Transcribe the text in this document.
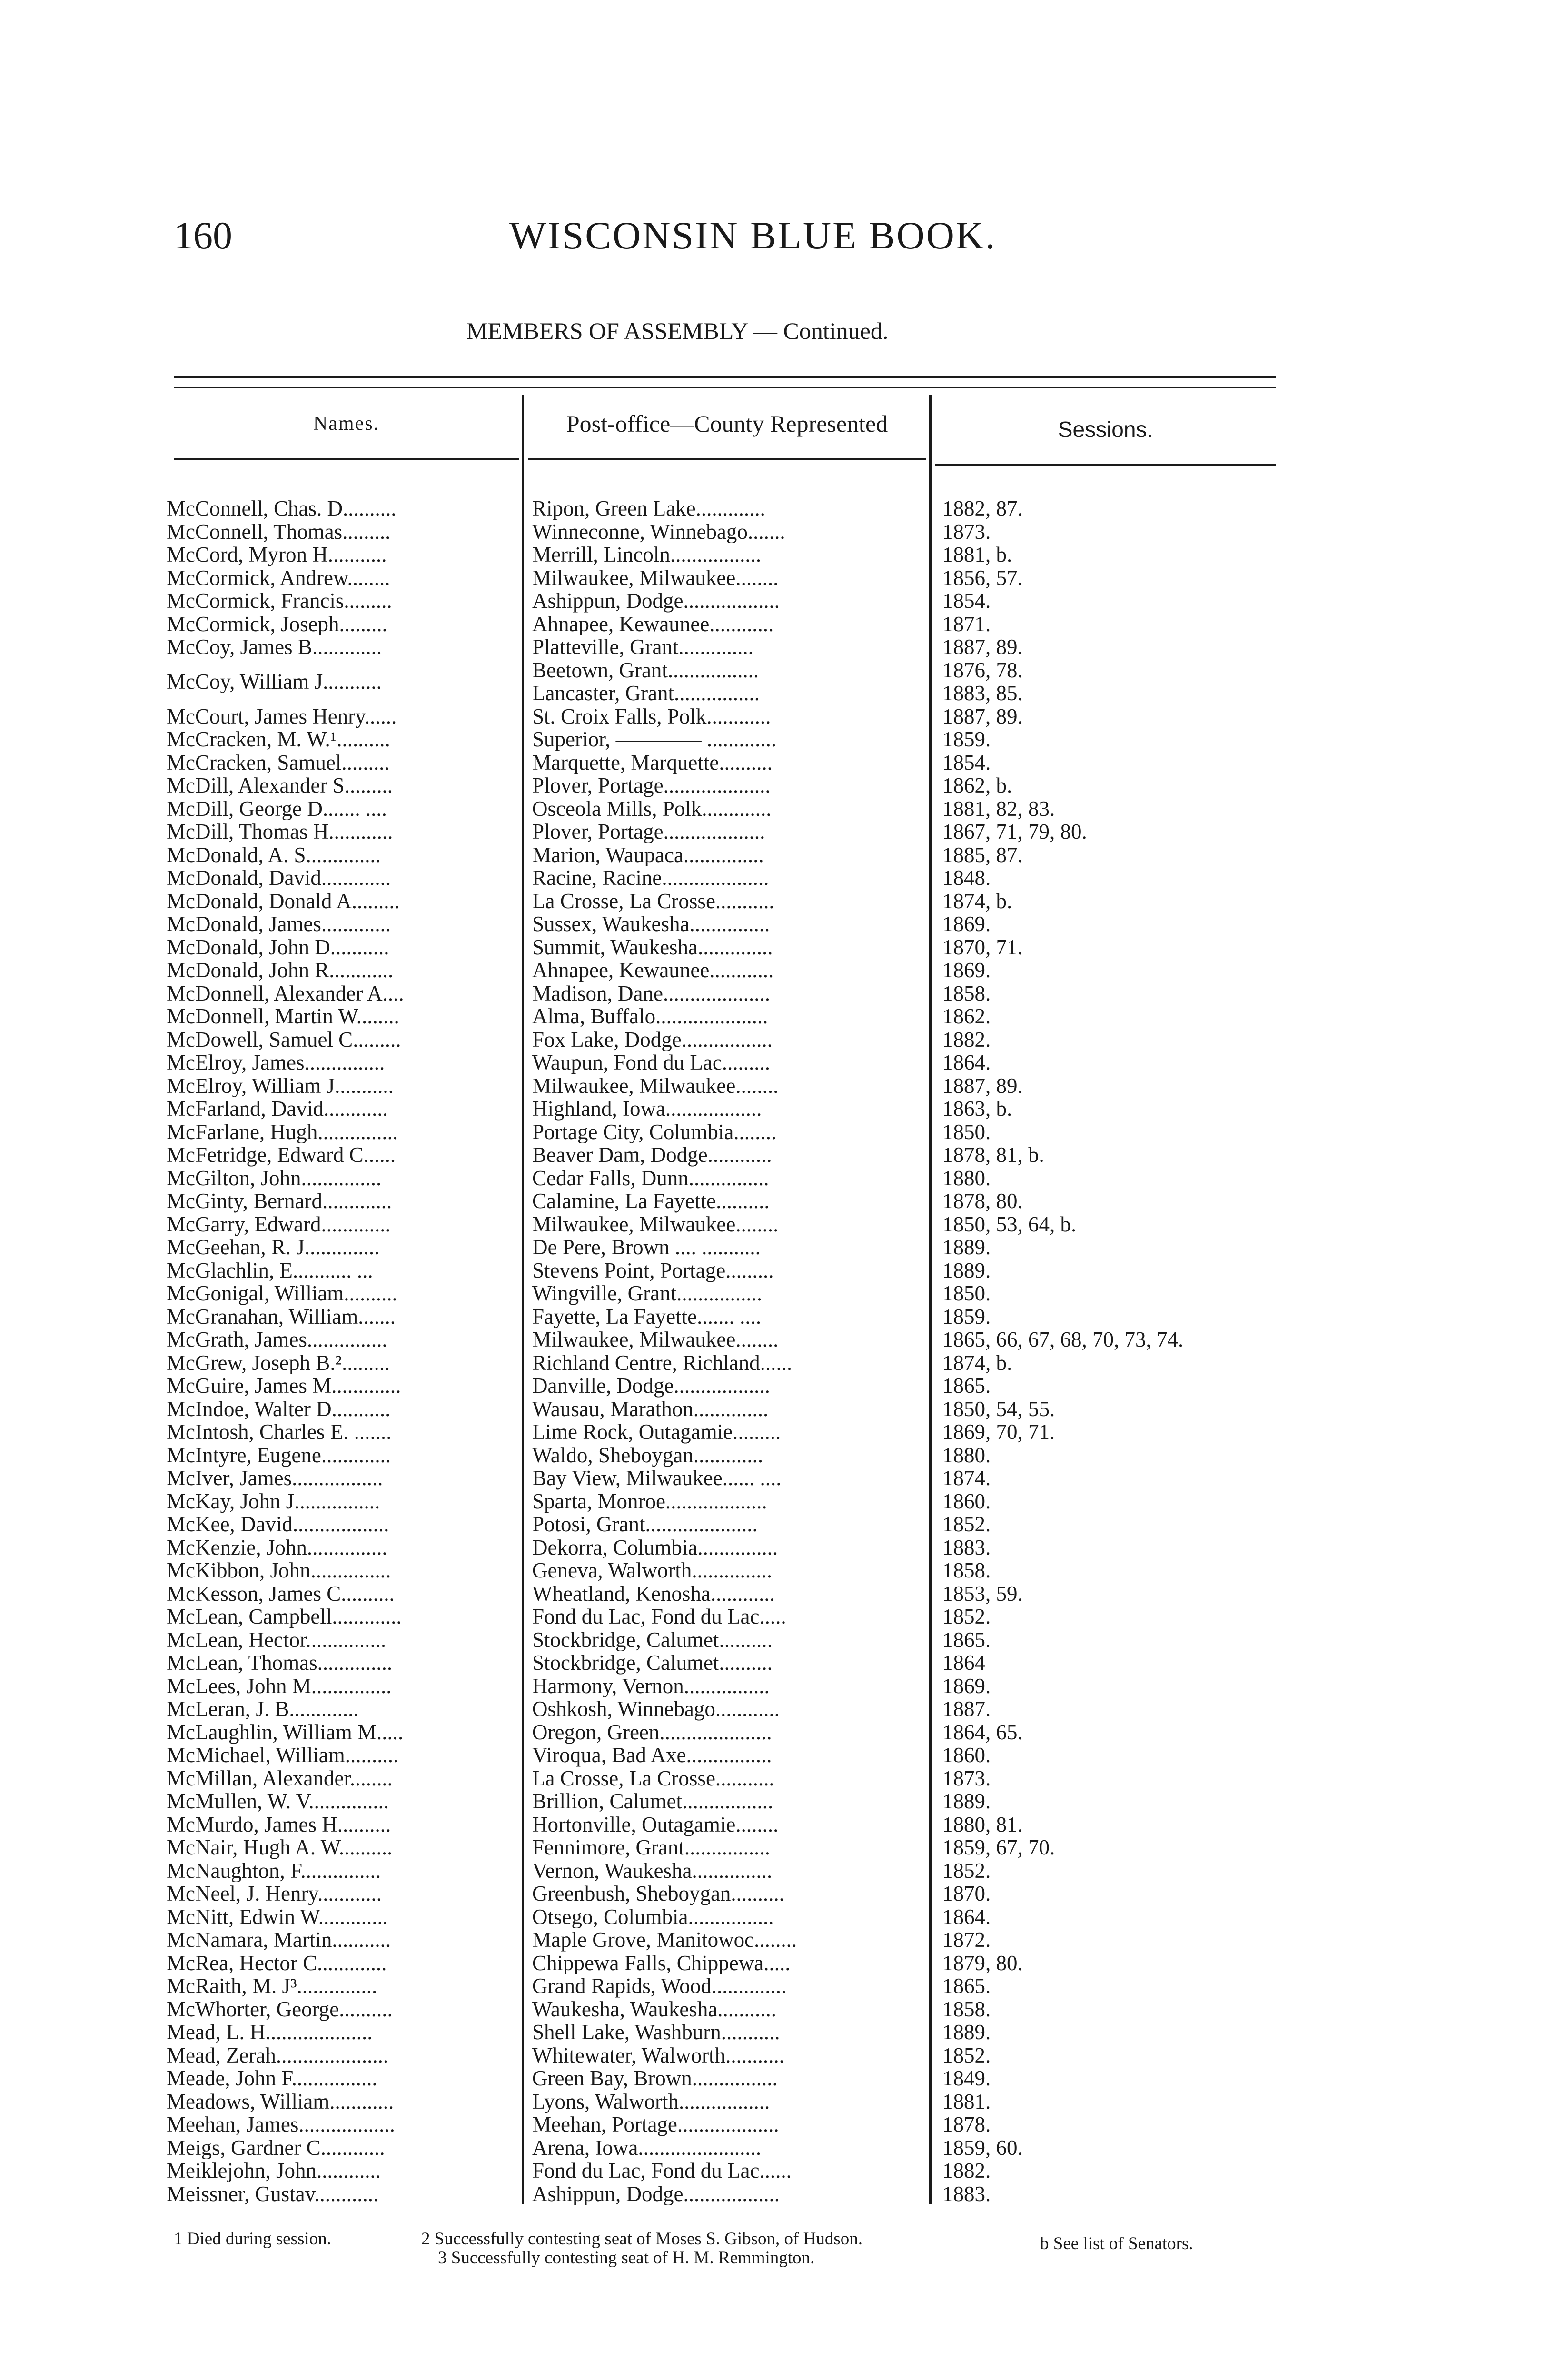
160	WISCONSIN BLUE BOOK.
MEMBERS OF ASSEMBLY — Continued.
Names.	Post-office—County Represented	Sessions.
McConnell, Chas. D..........	Ripon, Green Lake.............	1882, 87.
McConnell, Thomas.........	Winneconne, Winnebago.......	1873.
McCord, Myron H...........	Merrill, Lincoln.................	1881, b.
McCormick, Andrew........	Milwaukee, Milwaukee........	1856, 57.
McCormick, Francis.........	Ashippun, Dodge..................	1854.
McCormick, Joseph.........	Ahnapee, Kewaunee............	1871.
McCoy, James B.............	Platteville, Grant..............	1887, 89.
McCoy, William J...........	Beetown, Grant.................	1876, 78.
Lancaster, Grant................	1883, 85.
McCourt, James Henry......	St. Croix Falls, Polk............	1887, 89.
McCracken, M. W.¹..........	Superior, ———— .............	1859.
McCracken, Samuel.........	Marquette, Marquette..........	1854.
McDill, Alexander S.........	Plover, Portage....................	1862, b.
McDill, George D....... ....	Osceola Mills, Polk.............	1881, 82, 83.
McDill, Thomas H............	Plover, Portage...................	1867, 71, 79, 80.
McDonald, A. S..............	Marion, Waupaca...............	1885, 87.
McDonald, David.............	Racine, Racine....................	1848.
McDonald, Donald A.........	La Crosse, La Crosse...........	1874, b.
McDonald, James.............	Sussex, Waukesha...............	1869.
McDonald, John D...........	Summit, Waukesha..............	1870, 71.
McDonald, John R............	Ahnapee, Kewaunee............	1869.
McDonnell, Alexander A....	Madison, Dane....................	1858.
McDonnell, Martin W........	Alma, Buffalo.....................	1862.
McDowell, Samuel C.........	Fox Lake, Dodge.................	1882.
McElroy, James...............	Waupun, Fond du Lac.........	1864.
McElroy, William J...........	Milwaukee, Milwaukee........	1887, 89.
McFarland, David............	Highland, Iowa..................	1863, b.
McFarlane, Hugh...............	Portage City, Columbia........	1850.
McFetridge, Edward C......	Beaver Dam, Dodge............	1878, 81, b.
McGilton, John...............	Cedar Falls, Dunn...............	1880.
McGinty, Bernard.............	Calamine, La Fayette..........	1878, 80.
McGarry, Edward.............	Milwaukee, Milwaukee........	1850, 53, 64, b.
McGeehan, R. J..............	De Pere, Brown .... ...........	1889.
McGlachlin, E........... ...	Stevens Point, Portage.........	1889.
McGonigal, William..........	Wingville, Grant................	1850.
McGranahan, William.......	Fayette, La Fayette....... ....	1859.
McGrath, James...............	Milwaukee, Milwaukee........	1865, 66, 67, 68, 70, 73, 74.
McGrew, Joseph B.².........	Richland Centre, Richland......	1874, b.
McGuire, James M.............	Danville, Dodge..................	1865.
McIndoe, Walter D...........	Wausau, Marathon..............	1850, 54, 55.
McIntosh, Charles E. .......	Lime Rock, Outagamie.........	1869, 70, 71.
McIntyre, Eugene.............	Waldo, Sheboygan.............	1880.
McIver, James.................	Bay View, Milwaukee...... ....	1874.
McKay, John J................	Sparta, Monroe...................	1860.
McKee, David..................	Potosi, Grant.....................	1852.
McKenzie, John...............	Dekorra, Columbia...............	1883.
McKibbon, John...............	Geneva, Walworth...............	1858.
McKesson, James C..........	Wheatland, Kenosha............	1853, 59.
McLean, Campbell.............	Fond du Lac, Fond du Lac.....	1852.
McLean, Hector...............	Stockbridge, Calumet..........	1865.
McLean, Thomas..............	Stockbridge, Calumet..........	1864
McLees, John M...............	Harmony, Vernon................	1869.
McLeran, J. B.............	Oshkosh, Winnebago............	1887.
McLaughlin, William M.....	Oregon, Green.....................	1864, 65.
McMichael, William..........	Viroqua, Bad Axe................	1860.
McMillan, Alexander........	La Crosse, La Crosse...........	1873.
McMullen, W. V...............	Brillion, Calumet.................	1889.
McMurdo, James H..........	Hortonville, Outagamie........	1880, 81.
McNair, Hugh A. W..........	Fennimore, Grant................	1859, 67, 70.
McNaughton, F...............	Vernon, Waukesha...............	1852.
McNeel, J. Henry............	Greenbush, Sheboygan..........	1870.
McNitt, Edwin W.............	Otsego, Columbia................	1864.
McNamara, Martin...........	Maple Grove, Manitowoc........	1872.
McRea, Hector C.............	Chippewa Falls, Chippewa.....	1879, 80.
McRaith, M. J³...............	Grand Rapids, Wood..............	1865.
McWhorter, George..........	Waukesha, Waukesha...........	1858.
Mead, L. H....................	Shell Lake, Washburn...........	1889.
Mead, Zerah.....................	Whitewater, Walworth...........	1852.
Meade, John F................	Green Bay, Brown................	1849.
Meadows, William............	Lyons, Walworth.................	1881.
Meehan, James..................	Meehan, Portage...................	1878.
Meigs, Gardner C............	Arena, Iowa.......................	1859, 60.
Meiklejohn, John............	Fond du Lac, Fond du Lac......	1882.
Meissner, Gustav............	Ashippun, Dodge..................	1883.
1 Died during session.	2 Successfully contesting seat of Moses S. Gibson, of Hudson.
3 Successfully contesting seat of H. M. Remmington.
b See list of Senators.
